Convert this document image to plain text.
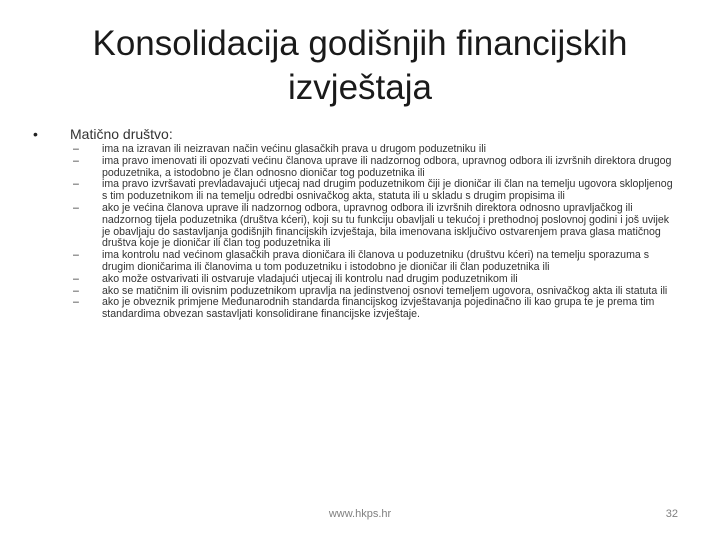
Konsolidacija godišnjih financijskih
izvještaja
• Matično društvo:
– ima na izravan ili neizravan način većinu glasačkih prava u drugom poduzetniku ili
– ima pravo imenovati ili opozvati većinu članova uprave ili nadzornog odbora, upravnog odbora ili izvršnih direktora drugog poduzetnika, a istodobno je član odnosno dioničar tog poduzetnika ili
– ima pravo izvršavati prevladavajući utjecaj nad drugim poduzetnikom čiji je dioničar ili član na temelju ugovora sklopljenog s tim poduzetnikom ili na temelju odredbi osnivačkog akta, statuta ili u skladu s drugim propisima ili
– ako je većina članova uprave ili nadzornog odbora, upravnog odbora ili izvršnih direktora odnosno upravljačkog ili nadzornog tijela poduzetnika (društva kćeri), koji su tu funkciju obavljali u tekućoj i prethodnoj poslovnoj godini i još uvijek je obavljaju do sastavljanja godišnjih financijskih izvještaja, bila imenovana isključivo ostvarenjem prava glasa matičnog društva koje je dioničar ili član tog poduzetnika ili
– ima kontrolu nad većinom glasačkih prava dioničara ili članova u poduzetniku (društvu kćeri) na temelju sporazuma s drugim dioničarima ili članovima u tom poduzetniku i istodobno je dioničar ili član poduzetnika ili
– ako može ostvarivati ili ostvaruje vladajući utjecaj ili kontrolu nad drugim poduzetnikom ili
– ako se matičnim ili ovisnim poduzetnikom upravlja na jedinstvenoj osnovi temeljem ugovora, osnivačkog akta ili statuta ili
– ako je obveznik primjene Međunarodnih standarda financijskog izvještavanja pojedinačno ili kao grupa te je prema tim standardima obvezan sastavljati konsolidirane financijske izvještaje.
www.hkps.hr	32
